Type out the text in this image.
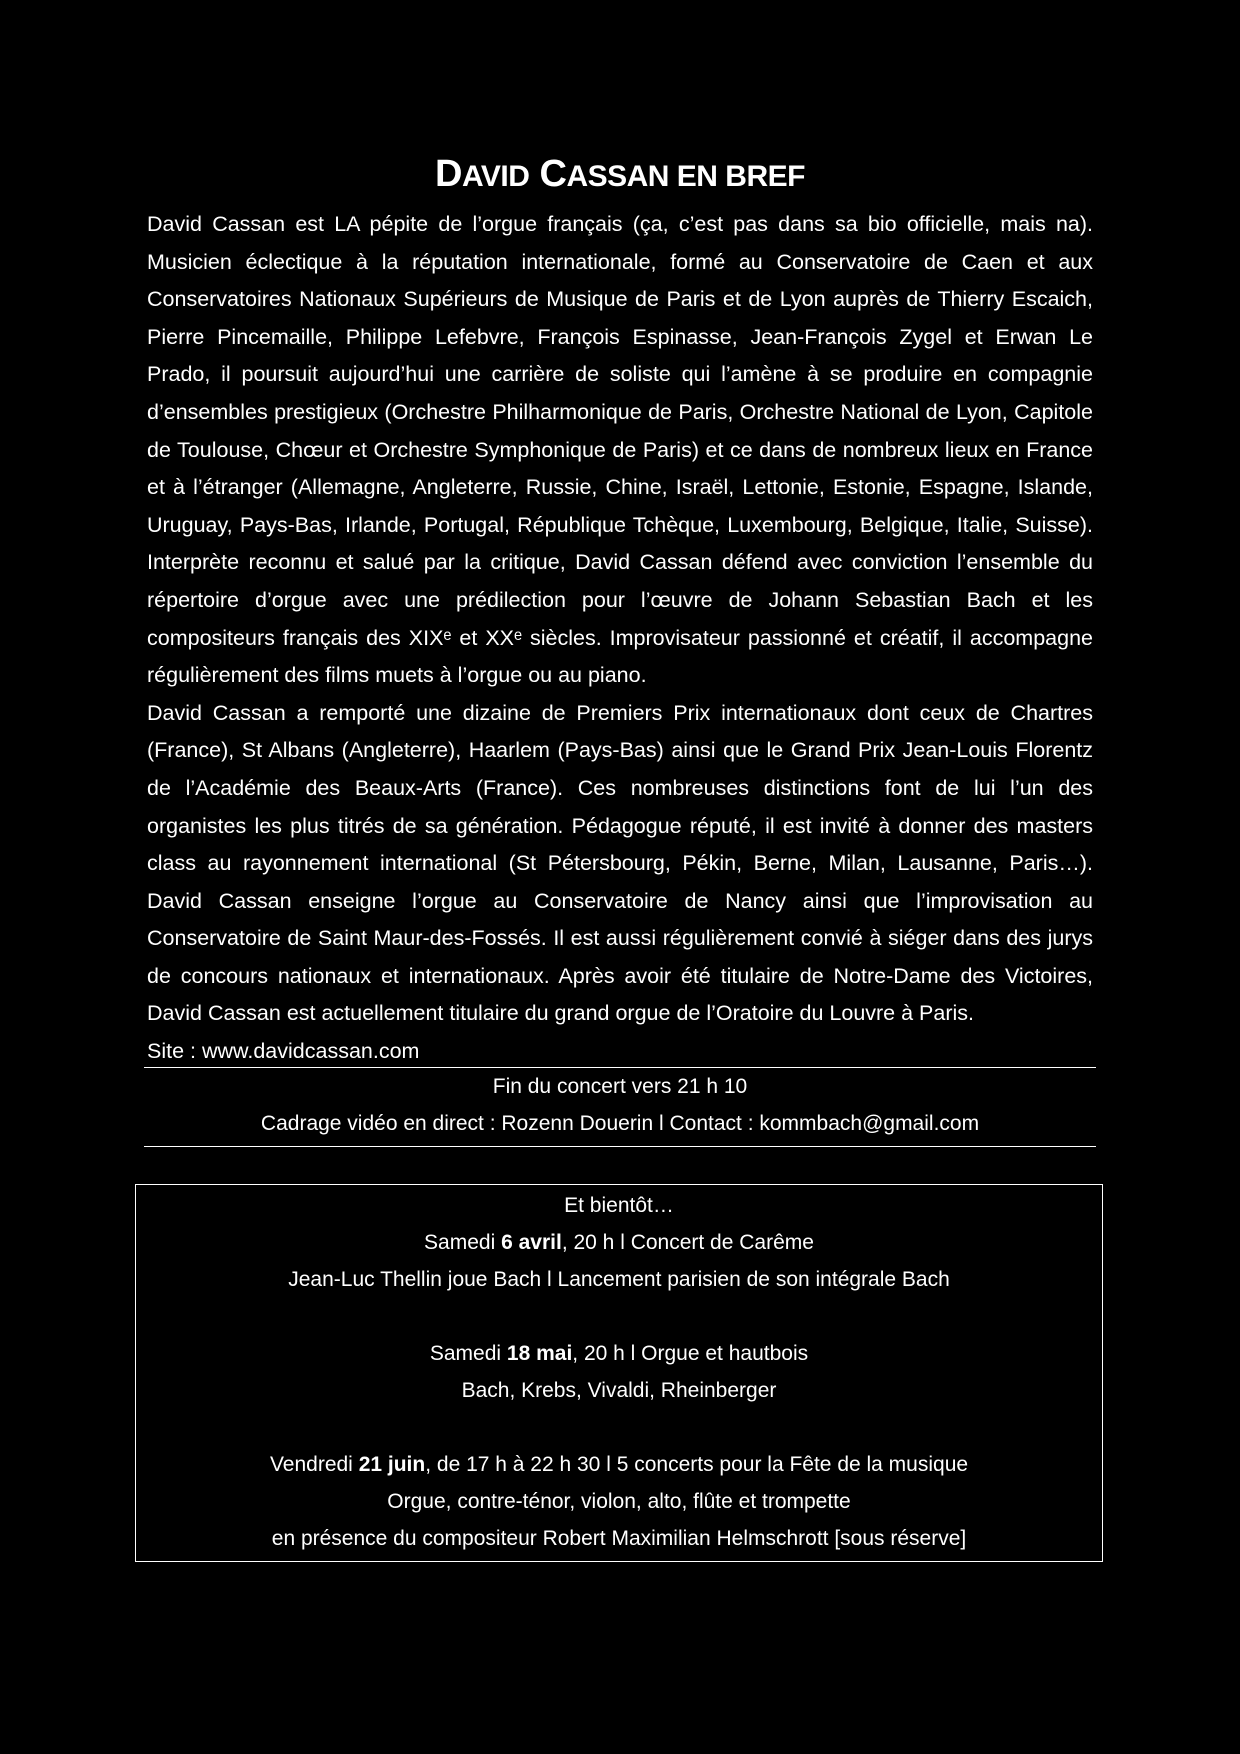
DAVID CASSAN EN BREF

David Cassan est LA pépite de l’orgue français (ça, c’est pas dans sa bio officielle, mais na). Musicien éclectique à la réputation internationale, formé au Conservatoire de Caen et aux Conservatoires Nationaux Supérieurs de Musique de Paris et de Lyon auprès de Thierry Escaich, Pierre Pincemaille, Philippe Lefebvre, François Espinasse, Jean-François Zygel et Erwan Le Prado, il poursuit aujourd’hui une carrière de soliste qui l’amène à se produire en compagnie d’ensembles prestigieux (Orchestre Philharmonique de Paris, Orchestre National de Lyon, Capitole de Toulouse, Chœur et Orchestre Symphonique de Paris) et ce dans de nombreux lieux en France et à l’étranger (Allemagne, Angleterre, Russie, Chine, Israël, Lettonie, Estonie, Espagne, Islande, Uruguay, Pays-Bas, Irlande, Portugal, République Tchèque, Luxembourg, Belgique, Italie, Suisse). Interprète reconnu et salué par la critique, David Cassan défend avec conviction l’ensemble du répertoire d’orgue avec une prédilection pour l’œuvre de Johann Sebastian Bach et les compositeurs français des XIXᵉ et XXᵉ siècles. Improvisateur passionné et créatif, il accompagne régulièrement des films muets à l’orgue ou au piano.

David Cassan a remporté une dizaine de Premiers Prix internationaux dont ceux de Chartres (France), St Albans (Angleterre), Haarlem (Pays-Bas) ainsi que le Grand Prix Jean-Louis Florentz de l’Académie des Beaux-Arts (France). Ces nombreuses distinctions font de lui l’un des organistes les plus titrés de sa génération. Pédagogue réputé, il est invité à donner des masters class au rayonnement international (St Pétersbourg, Pékin, Berne, Milan, Lausanne, Paris…). David Cassan enseigne l’orgue au Conservatoire de Nancy ainsi que l’improvisation au Conservatoire de Saint Maur-des-Fossés. Il est aussi régulièrement convié à siéger dans des jurys de concours nationaux et internationaux. Après avoir été titulaire de Notre-Dame des Victoires, David Cassan est actuellement titulaire du grand orgue de l’Oratoire du Louvre à Paris.

Site : www.davidcassan.com

Fin du concert vers 21 h 10

Cadrage vidéo en direct : Rozenn Douerin l Contact : kommbach@gmail.com

Et bientôt…

Samedi 6 avril, 20 h l Concert de Carême

Jean-Luc Thellin joue Bach l Lancement parisien de son intégrale Bach

Samedi 18 mai, 20 h l Orgue et hautbois

Bach, Krebs, Vivaldi, Rheinberger

Vendredi 21 juin, de 17 h à 22 h 30 l 5 concerts pour la Fête de la musique

Orgue, contre-ténor, violon, alto, flûte et trompette

en présence du compositeur Robert Maximilian Helmschrott [sous réserve]
